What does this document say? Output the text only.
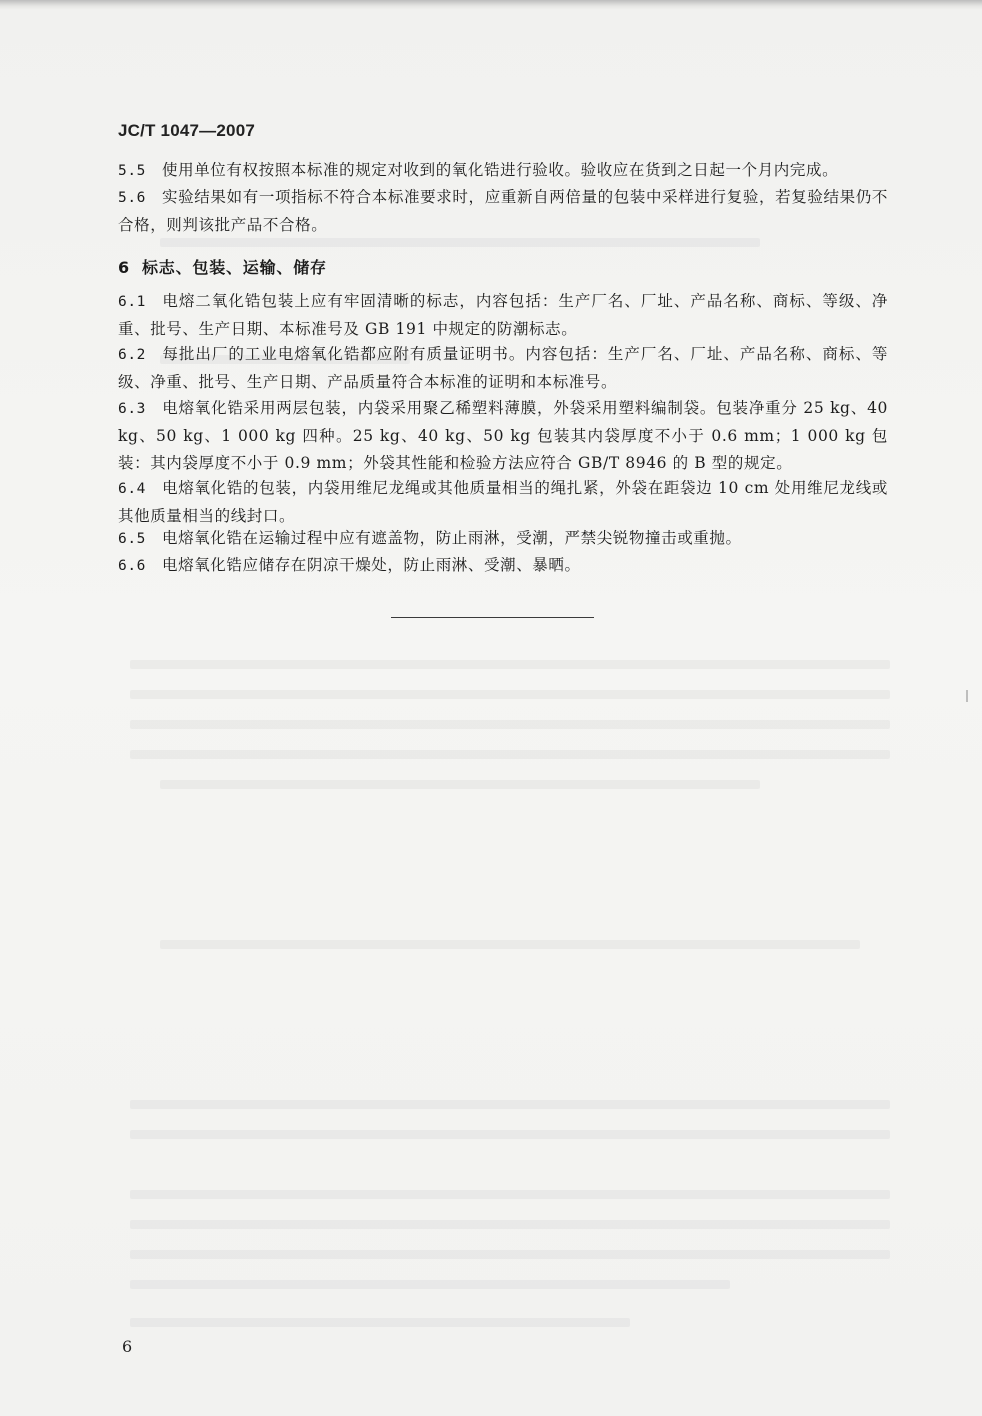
JC/T 1047—2007
5.5 使用单位有权按照本标准的规定对收到的氧化锆进行验收。验收应在货到之日起一个月内完成。
5.6 实验结果如有一项指标不符合本标准要求时，应重新自两倍量的包装中采样进行复验，若复验结果仍不合格，则判该批产品不合格。
6 标志、包装、运输、储存
6.1 电熔二氧化锆包装上应有牢固清晰的标志，内容包括：生产厂名、厂址、产品名称、商标、等级、净重、批号、生产日期、本标准号及 GB 191 中规定的防潮标志。
6.2 每批出厂的工业电熔氧化锆都应附有质量证明书。内容包括：生产厂名、厂址、产品名称、商标、等级、净重、批号、生产日期、产品质量符合本标准的证明和本标准号。
6.3 电熔氧化锆采用两层包装，内袋采用聚乙稀塑料薄膜，外袋采用塑料编制袋。包装净重分 25 kg、40 kg、50 kg、1 000 kg 四种。25 kg、40 kg、50 kg 包装其内袋厚度不小于 0.6 mm；1 000 kg 包装：其内袋厚度不小于 0.9 mm；外袋其性能和检验方法应符合 GB/T 8946 的 B 型的规定。
6.4 电熔氧化锆的包装，内袋用维尼龙绳或其他质量相当的绳扎紧，外袋在距袋边 10 cm 处用维尼龙线或其他质量相当的线封口。
6.5 电熔氧化锆在运输过程中应有遮盖物，防止雨淋，受潮，严禁尖锐物撞击或重抛。
6.6 电熔氧化锆应储存在阴凉干燥处，防止雨淋、受潮、暴晒。
6
